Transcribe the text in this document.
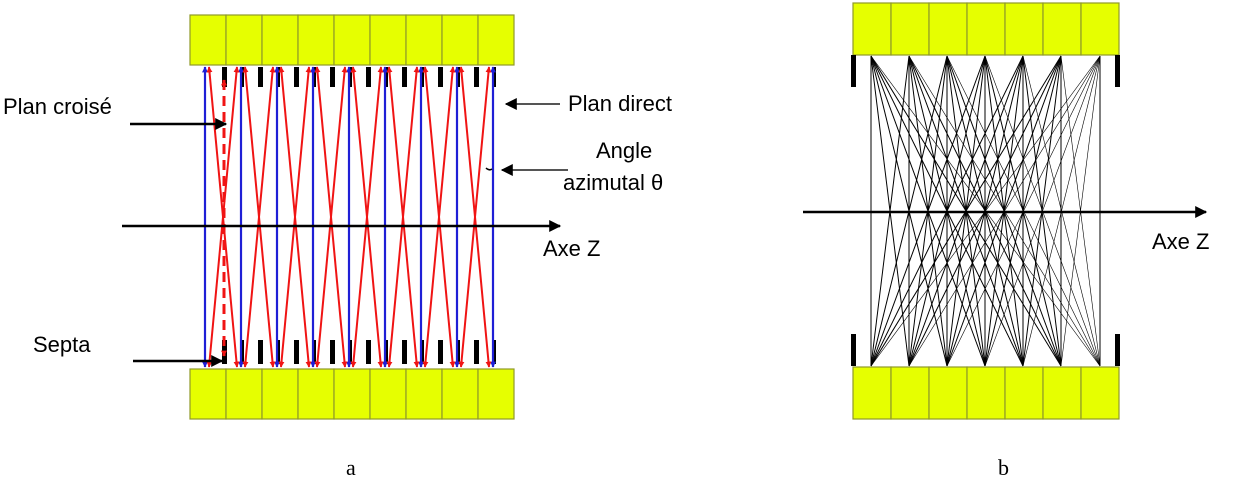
Axe Z
Plan croisé	Plan direct
Angle
azimutal θ
Septa
a
Axe Z
b
